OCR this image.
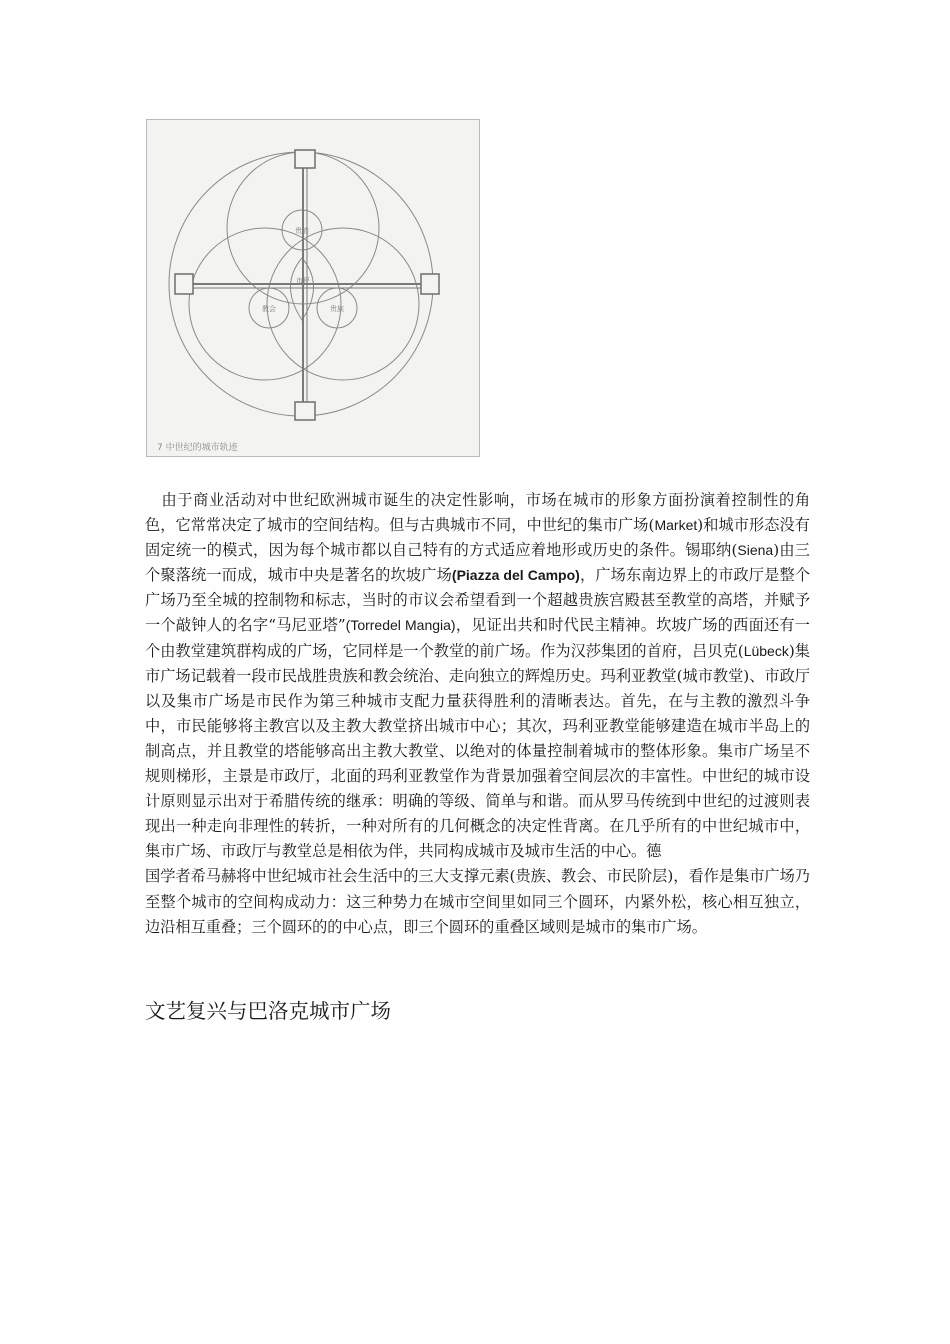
贵族
市民
教会	贵族
7 中世纪的城市轨迹

由于商业活动对中世纪欧洲城市诞生的决定性影响，市场在城市的形象方面扮演着控制性的角色，它常常决定了城市的空间结构。但与古典城市不同，中世纪的集市广场(Market)和城市形态没有固定统一的模式，因为每个城市都以自己特有的方式适应着地形或历史的条件。锡耶纳(Siena)由三个聚落统一而成，城市中央是著名的坎坡广场(Piazza del Campo)，广场东南边界上的市政厅是整个广场乃至全城的控制物和标志，当时的市议会希望看到一个超越贵族宫殿甚至教堂的高塔，并赋予一个敲钟人的名字“马尼亚塔”(Torredel Mangia)，见证出共和时代民主精神。坎坡广场的西面还有一个由教堂建筑群构成的广场，它同样是一个教堂的前广场。作为汉莎集团的首府，吕贝克(Lübeck)集市广场记载着一段市民战胜贵族和教会统治、走向独立的辉煌历史。玛利亚教堂(城市教堂)、市政厅以及集市广场是市民作为第三种城市支配力量获得胜利的清晰表达。首先，在与主教的激烈斗争中，市民能够将主教宫以及主教大教堂挤出城市中心；其次，玛利亚教堂能够建造在城市半岛上的制高点，并且教堂的塔能够高出主教大教堂、以绝对的体量控制着城市的整体形象。集市广场呈不规则梯形，主景是市政厅，北面的玛利亚教堂作为背景加强着空间层次的丰富性。中世纪的城市设计原则显示出对于希腊传统的继承：明确的等级、简单与和谐。而从罗马传统到中世纪的过渡则表现出一种走向非理性的转折，一种对所有的几何概念的决定性背离。在几乎所有的中世纪城市中，集市广场、市政厅与教堂总是相依为伴，共同构成城市及城市生活的中心。德

国学者希马赫将中世纪城市社会生活中的三大支撑元素(贵族、教会、市民阶层)，看作是集市广场乃至整个城市的空间构成动力：这三种势力在城市空间里如同三个圆环，内紧外松，核心相互独立，边沿相互重叠；三个圆环的的中心点，即三个圆环的重叠区域则是城市的集市广场。

文艺复兴与巴洛克城市广场
